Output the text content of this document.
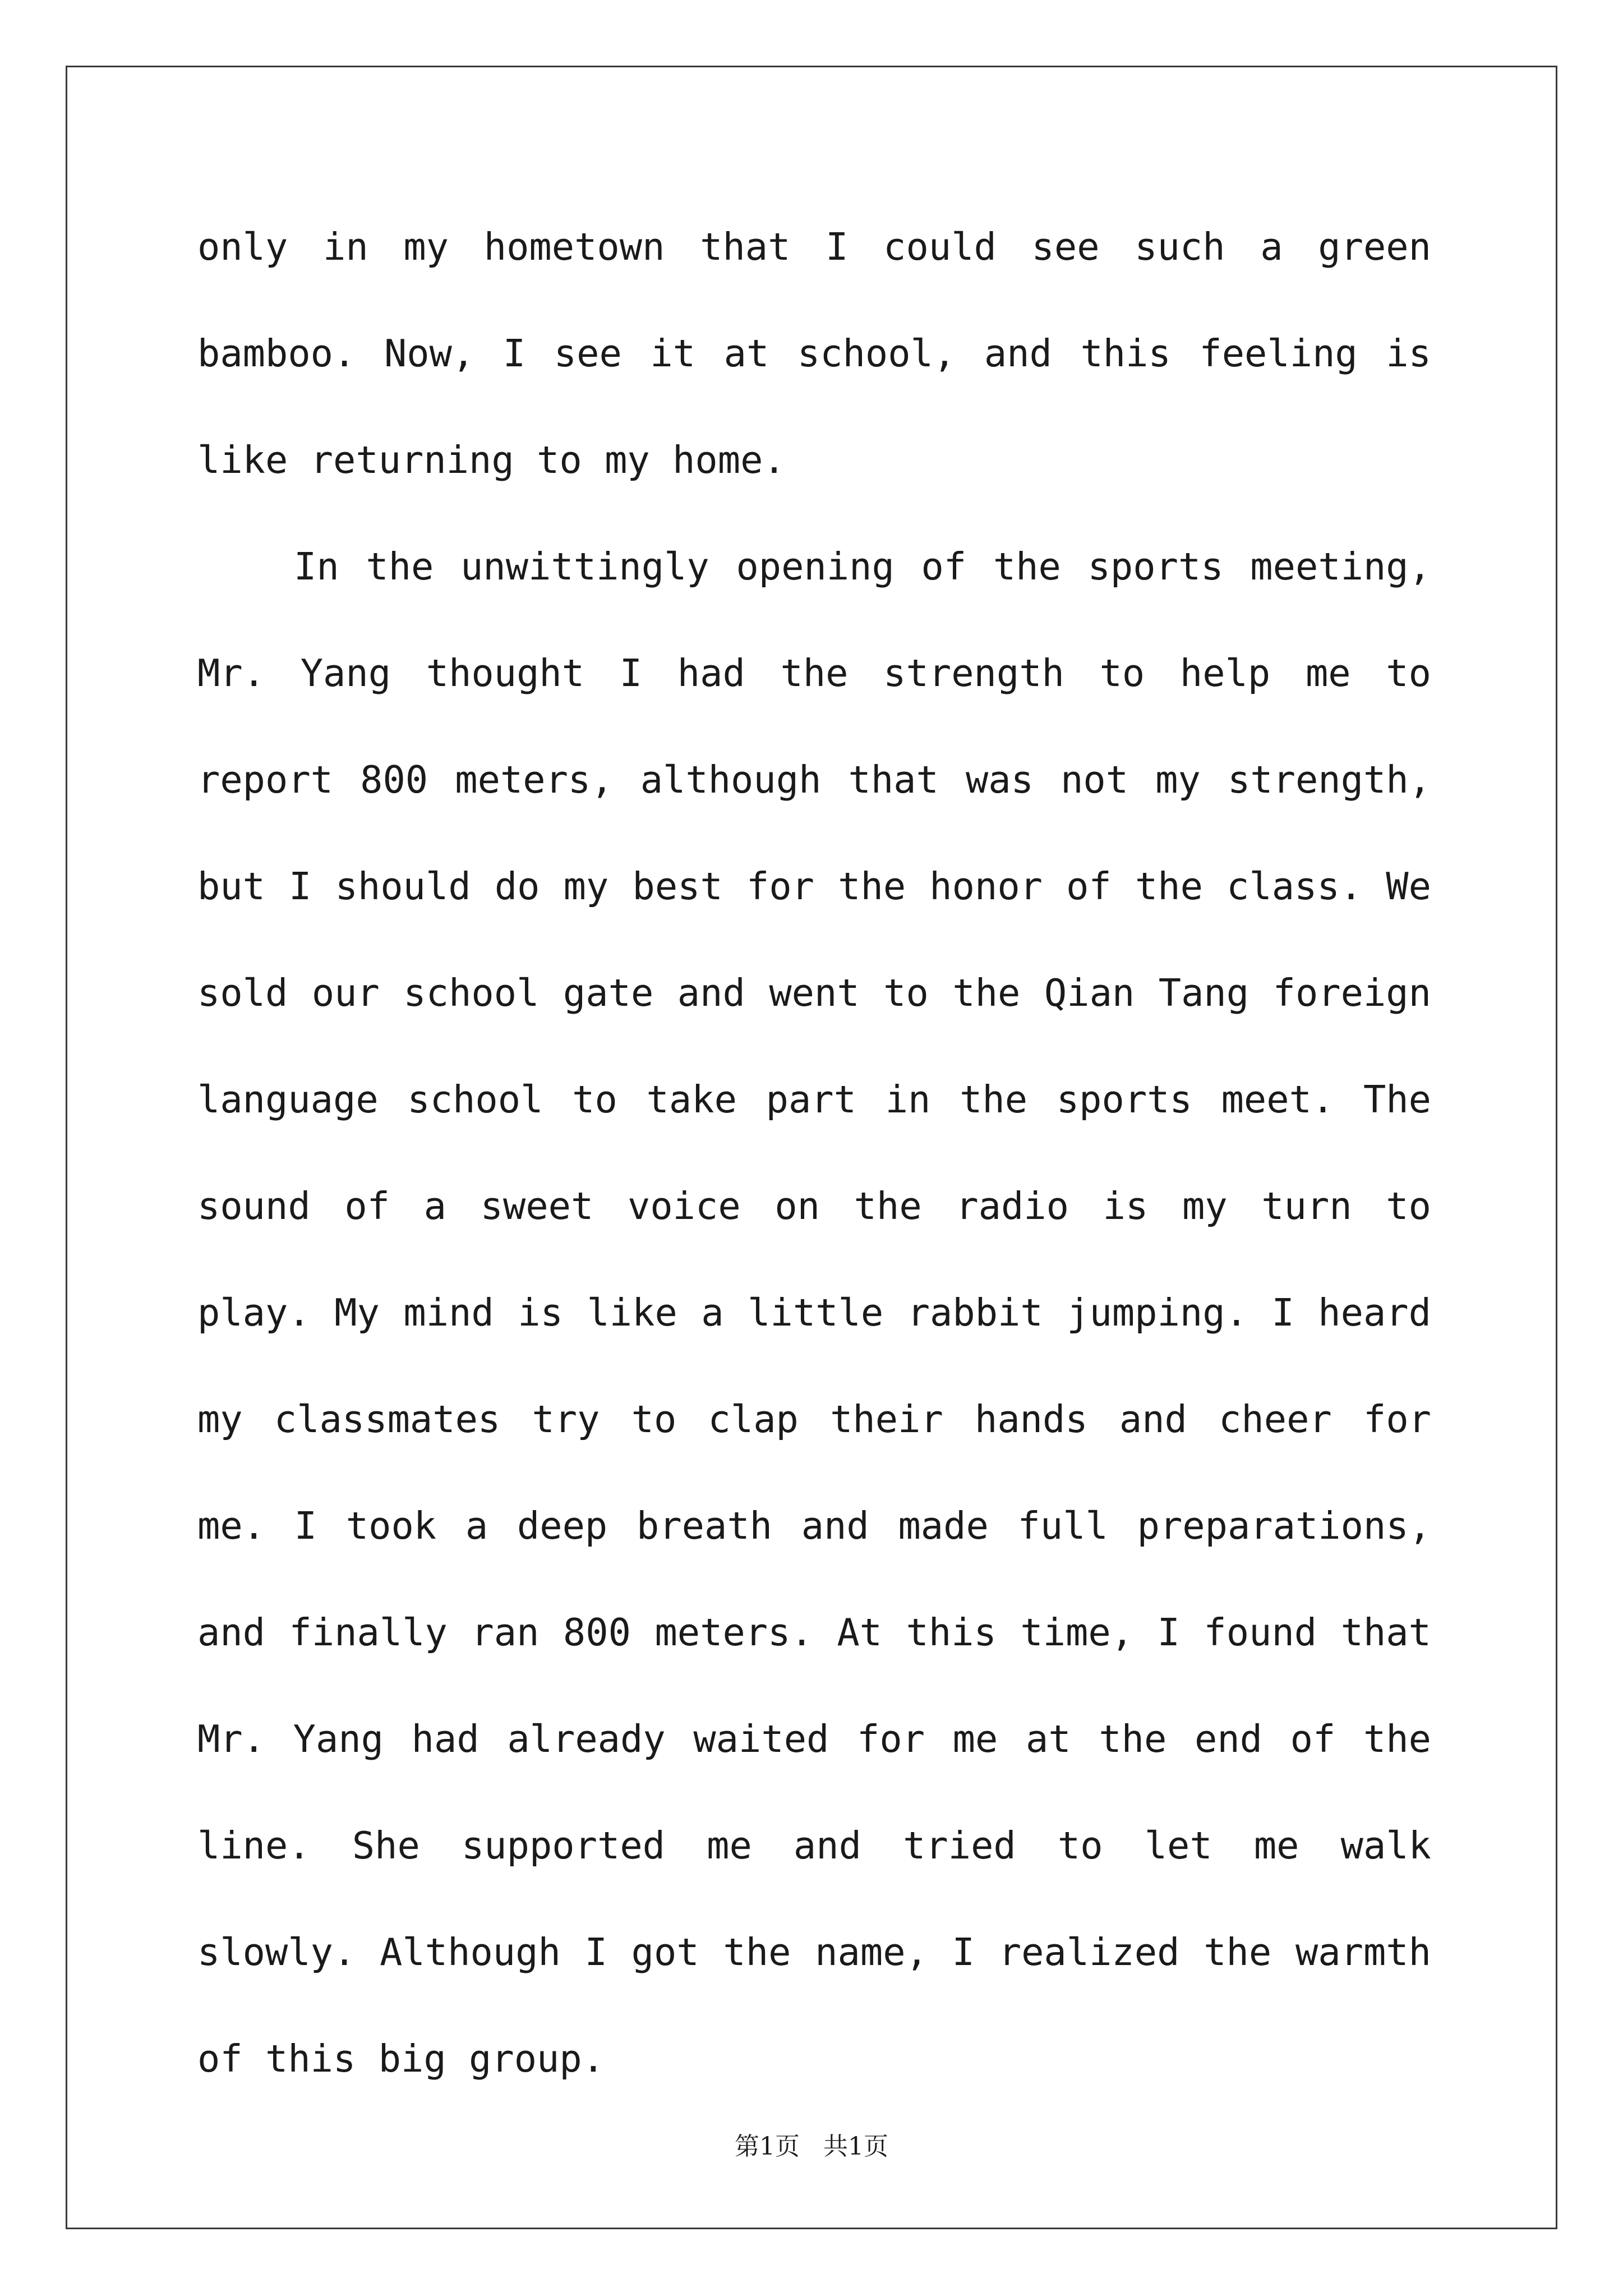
only in my hometown that I could see such a green bamboo. Now, I see it at school, and this feeling is like returning to my home.

In the unwittingly opening of the sports meeting, Mr. Yang thought I had the strength to help me to report 800 meters, although that was not my strength, but I should do my best for the honor of the class. We sold our school gate and went to the Qian Tang foreign language school to take part in the sports meet. The sound of a sweet voice on the radio is my turn to play. My mind is like a little rabbit jumping. I heard my classmates try to clap their hands and cheer for me. I took a deep breath and made full preparations, and finally ran 800 meters. At this time, I found that Mr. Yang had already waited for me at the end of the line. She supported me and tried to let me walk slowly. Although I got the name, I realized the warmth of this big group.

第1页   共1页
